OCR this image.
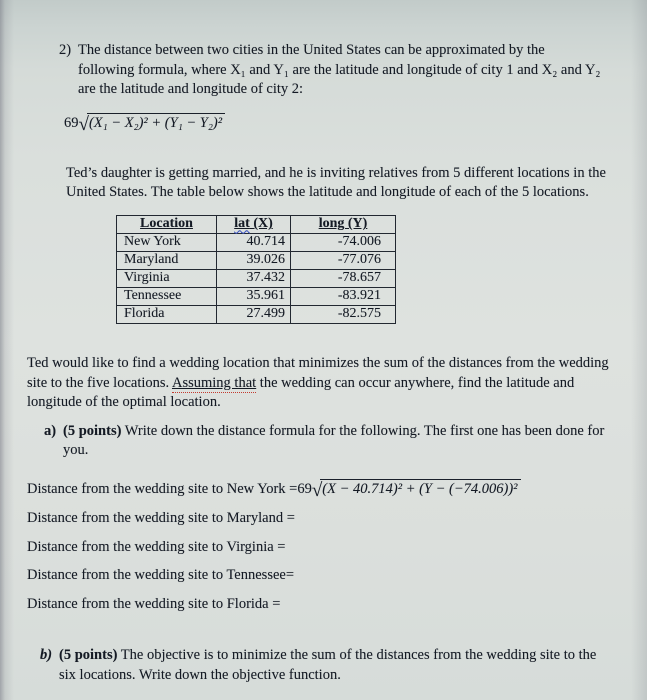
2) The distance between two cities in the United States can be approximated by the following formula, where X₁ and Y₁ are the latitude and longitude of city 1 and X₂ and Y₂ are the latitude and longitude of city 2:
69 √ (X₁ − X₂)² + (Y₁ − Y₂)²

Ted’s daughter is getting married, and he is inviting relatives from 5 different locations in the United States. The table below shows the latitude and longitude of each of the 5 locations.

Location	lat (X)	long (Y)
New York	40.714	-74.006
Maryland	39.026	-77.076
Virginia	37.432	-78.657
Tennessee	35.961	-83.921
Florida	27.499	-82.575

Ted would like to find a wedding location that minimizes the sum of the distances from the wedding site to the five locations. Assuming that the wedding can occur anywhere, find the latitude and longitude of the optimal location.

a) (5 points) Write down the distance formula for the following. The first one has been done for you.
Distance from the wedding site to New York = 69 √ (X − 40.714)² + (Y − (−74.006))²
Distance from the wedding site to Maryland =
Distance from the wedding site to Virginia =
Distance from the wedding site to Tennessee=
Distance from the wedding site to Florida =
b) (5 points) The objective is to minimize the sum of the distances from the wedding site to the six locations. Write down the objective function.
